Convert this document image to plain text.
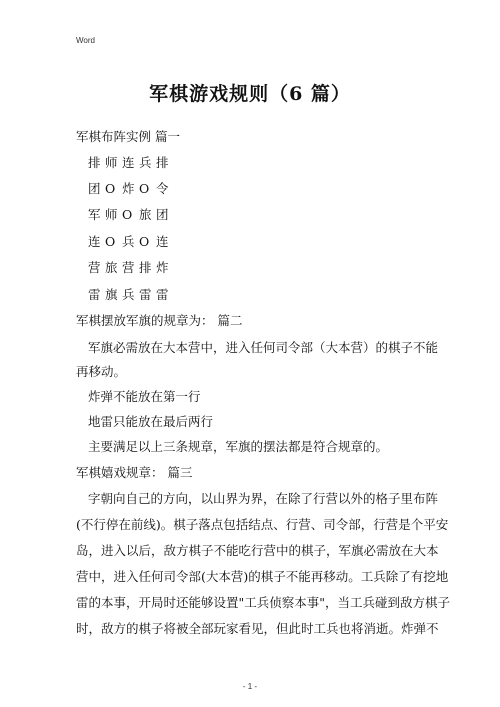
Word
军棋游戏规则（6 篇）
军棋布阵实例 篇一
排 师 连 兵 排
团 O 炸 O 令
军 师 O 旅 团
连 O 兵 O 连
营 旅 营 排 炸
雷 旗 兵 雷 雷
军棋摆放军旗的规章为： 篇二
军旗必需放在大本营中，进入任何司令部（大本营）的棋子不能
再移动。
炸弹不能放在第一行
地雷只能放在最后两行
主要满足以上三条规章，军旗的摆法都是符合规章的。
军棋嬉戏规章： 篇三
字朝向自己的方向，以山界为界，在除了行营以外的格子里布阵
(不行停在前线)。棋子落点包括结点、行营、司令部，行营是个平安
岛，进入以后，敌方棋子不能吃行营中的棋子，军旗必需放在大本
营中，进入任何司令部(大本营)的棋子不能再移动。工兵除了有挖地
雷的本事，开局时还能够设置"工兵侦察本事"，当工兵碰到敌方棋子
时，敌方的棋子将被全部玩家看见，但此时工兵也将消逝。炸弹不
- 1 -
